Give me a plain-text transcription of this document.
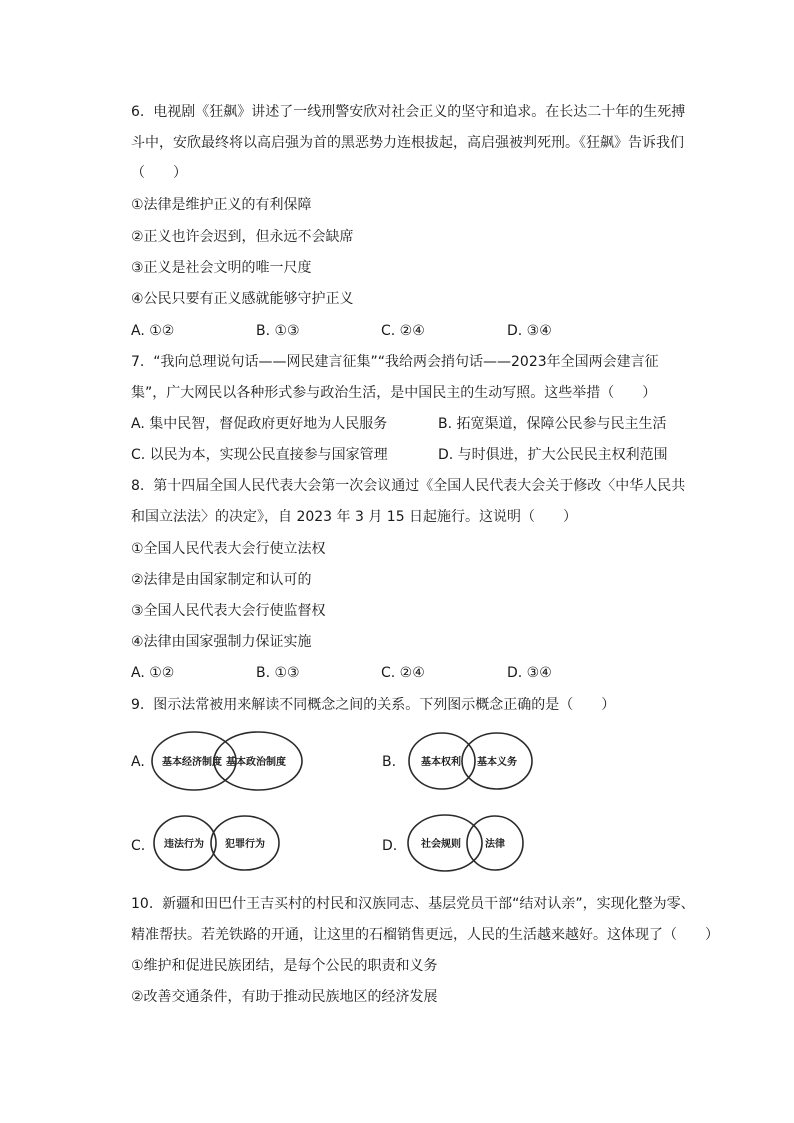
6.  电视剧《狂飙》讲述了一线刑警安欣对社会正义的坚守和追求。在长达二十年的生死搏
斗中，安欣最终将以高启强为首的黑恶势力连根拔起，高启强被判死刑。《狂飙》告诉我们
（　　）
①法律是维护正义的有利保障
②正义也许会迟到，但永远不会缺席
③正义是社会文明的唯一尺度
④公民只要有正义感就能够守护正义
A. ①②	B. ①③	C. ②④	D. ③④
7.  “我向总理说句话——网民建言征集”“我给两会捎句话——2023年全国两会建言征
集”，广大网民以各种形式参与政治生活，是中国民主的生动写照。这些举措（　　）
A. 集中民智，督促政府更好地为人民服务	B. 拓宽渠道，保障公民参与民主生活
C. 以民为本，实现公民直接参与国家管理	D. 与时俱进，扩大公民民主权利范围
8.  第十四届全国人民代表大会第一次会议通过《全国人民代表大会关于修改〈中华人民共
和国立法法〉的决定》，自 2023 年 3 月 15 日起施行。这说明（　　）
①全国人民代表大会行使立法权
②法律是由国家制定和认可的
③全国人民代表大会行使监督权
④法律由国家强制力保证实施
A. ①②	B. ①③	C. ②④	D. ③④
9.  图示法常被用来解读不同概念之间的关系。下列图示概念正确的是（　　）
A. 基本经济制度 基本政治制度	B. 基本权利 基本义务
C. 违法行为 犯罪行为	D. 社会规则 法律
10.  新疆和田巴什王吉买村的村民和汉族同志、基层党员干部“结对认亲”，实现化整为零、
精准帮扶。若羌铁路的开通，让这里的石榴销售更远，人民的生活越来越好。这体现了（　　）
①维护和促进民族团结，是每个公民的职责和义务
②改善交通条件，有助于推动民族地区的经济发展
